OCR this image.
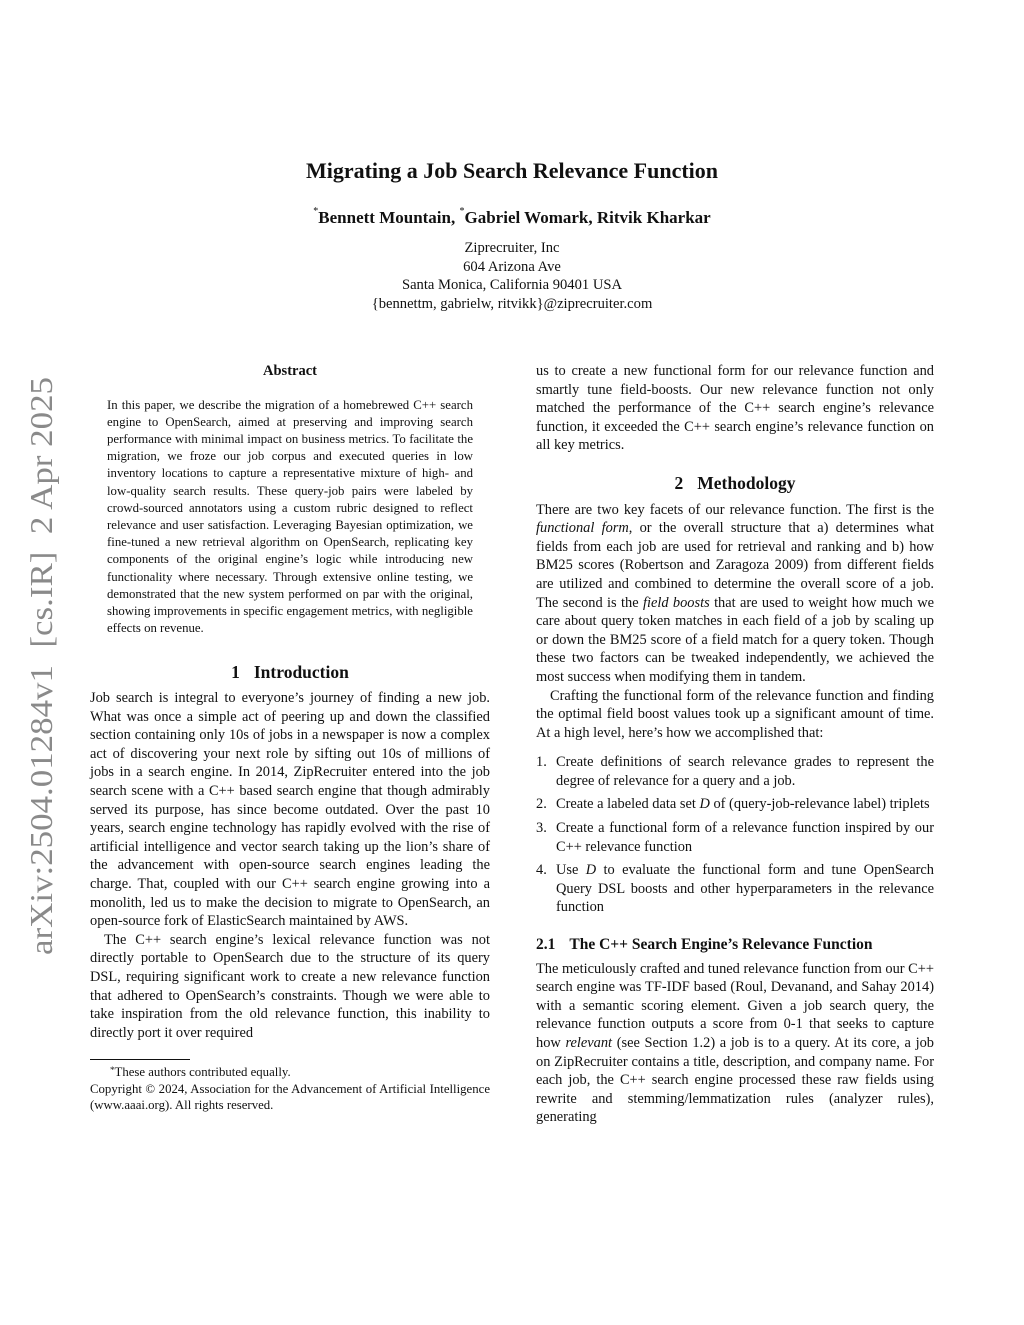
arXiv:2504.01284v1  [cs.IR]  2 Apr 2025
Migrating a Job Search Relevance Function
*Bennett Mountain, *Gabriel Womark, Ritvik Kharkar
Ziprecruiter, Inc
604 Arizona Ave
Santa Monica, California 90401 USA
{bennettm, gabrielw, ritvikk}@ziprecruiter.com
Abstract

In this paper, we describe the migration of a homebrewed C++ search engine to OpenSearch, aimed at preserving and improving search performance with minimal impact on business metrics. To facilitate the migration, we froze our job corpus and executed queries in low inventory locations to capture a representative mixture of high- and low-quality search results. These query-job pairs were labeled by crowd-sourced annotators using a custom rubric designed to reflect relevance and user satisfaction. Leveraging Bayesian optimization, we fine-tuned a new retrieval algorithm on OpenSearch, replicating key components of the original engine’s logic while introducing new functionality where necessary. Through extensive online testing, we demonstrated that the new system performed on par with the original, showing improvements in specific engagement metrics, with negligible effects on revenue.

1 Introduction

Job search is integral to everyone’s journey of finding a new job. What was once a simple act of peering up and down the classified section containing only 10s of jobs in a newspaper is now a complex act of discovering your next role by sifting out 10s of millions of jobs in a search engine. In 2014, ZipRecruiter entered into the job search scene with a C++ based search engine that though admirably served its purpose, has since become outdated. Over the past 10 years, search engine technology has rapidly evolved with the rise of artificial intelligence and vector search taking up the lion’s share of the advancement with open-source search engines leading the charge. That, coupled with our C++ search engine growing into a monolith, led us to make the decision to migrate to OpenSearch, an open-source fork of ElasticSearch maintained by AWS.

The C++ search engine’s lexical relevance function was not directly portable to OpenSearch due to the structure of its query DSL, requiring significant work to create a new relevance function that adhered to OpenSearch’s constraints. Though we were able to take inspiration from the old relevance function, this inability to directly port it over required

*These authors contributed equally.
Copyright © 2024, Association for the Advancement of Artificial Intelligence (www.aaai.org). All rights reserved.

us to create a new functional form for our relevance function and smartly tune field-boosts. Our new relevance function not only matched the performance of the C++ search engine’s relevance function, it exceeded the C++ search engine’s relevance function on all key metrics.

2 Methodology

There are two key facets of our relevance function. The first is the functional form, or the overall structure that a) determines what fields from each job are used for retrieval and ranking and b) how BM25 scores (Robertson and Zaragoza 2009) from different fields are utilized and combined to determine the overall score of a job. The second is the field boosts that are used to weight how much we care about query token matches in each field of a job by scaling up or down the BM25 score of a field match for a query token. Though these two factors can be tweaked independently, we achieved the most success when modifying them in tandem.

Crafting the functional form of the relevance function and finding the optimal field boost values took up a significant amount of time. At a high level, here’s how we accomplished that:

1. Create definitions of search relevance grades to represent the degree of relevance for a query and a job.
2. Create a labeled data set D of (query-job-relevance label) triplets
3. Create a functional form of a relevance function inspired by our C++ relevance function
4. Use D to evaluate the functional form and tune OpenSearch Query DSL boosts and other hyperparameters in the relevance function
2.1 The C++ Search Engine’s Relevance Function

The meticulously crafted and tuned relevance function from our C++ search engine was TF-IDF based (Roul, Devanand, and Sahay 2014) with a semantic scoring element. Given a job search query, the relevance function outputs a score from 0-1 that seeks to capture how relevant (see Section 1.2) a job is to a query. At its core, a job on ZipRecruiter contains a title, description, and company name. For each job, the C++ search engine processed these raw fields using rewrite and stemming/lemmatization rules (analyzer rules), generating
